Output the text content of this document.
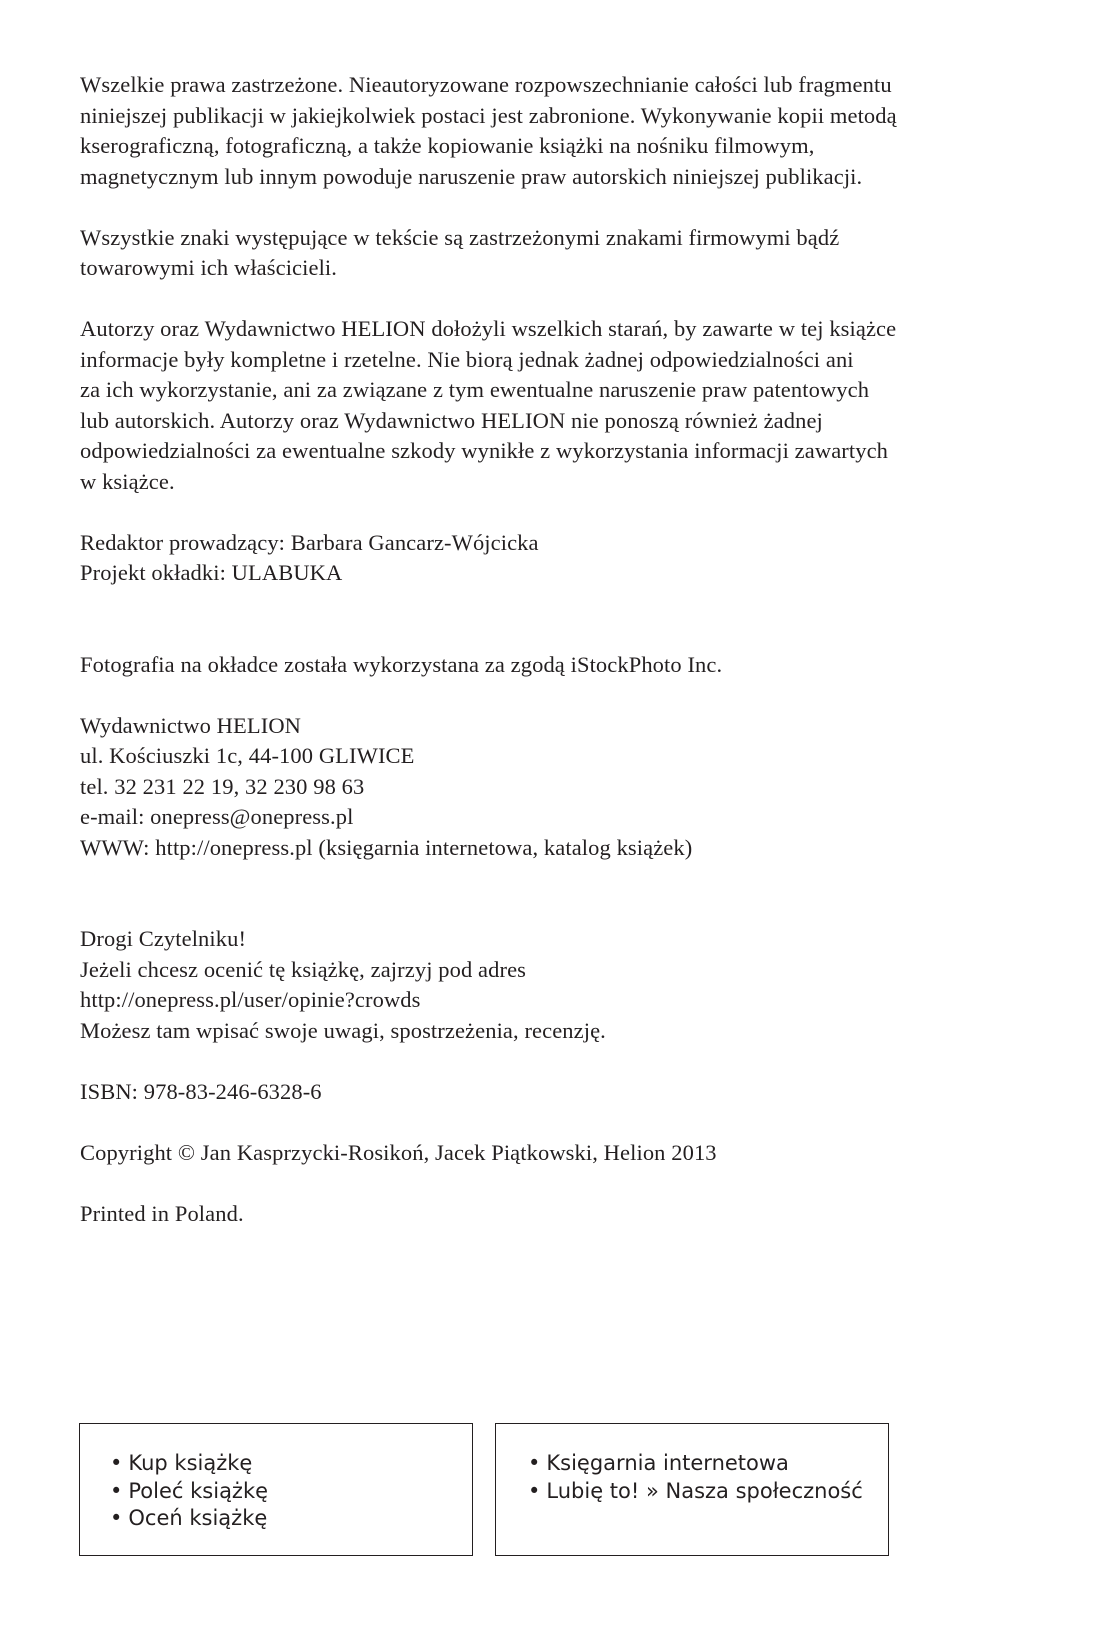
Wszelkie prawa zastrzeżone. Nieautoryzowane rozpowszechnianie całości lub fragmentu
niniejszej publikacji w jakiejkolwiek postaci jest zabronione. Wykonywanie kopii metodą
kserograficzną, fotograficzną, a także kopiowanie książki na nośniku filmowym,
magnetycznym lub innym powoduje naruszenie praw autorskich niniejszej publikacji.

Wszystkie znaki występujące w tekście są zastrzeżonymi znakami firmowymi bądź
towarowymi ich właścicieli.

Autorzy oraz Wydawnictwo HELION dołożyli wszelkich starań, by zawarte w tej książce
informacje były kompletne i rzetelne. Nie biorą jednak żadnej odpowiedzialności ani
za ich wykorzystanie, ani za związane z tym ewentualne naruszenie praw patentowych
lub autorskich. Autorzy oraz Wydawnictwo HELION nie ponoszą również żadnej
odpowiedzialności za ewentualne szkody wynikłe z wykorzystania informacji zawartych
w książce.

Redaktor prowadzący: Barbara Gancarz-Wójcicka
Projekt okładki: ULABUKA

Fotografia na okładce została wykorzystana za zgodą iStockPhoto Inc.

Wydawnictwo HELION
ul. Kościuszki 1c, 44-100 GLIWICE
tel. 32 231 22 19, 32 230 98 63
e-mail: onepress@onepress.pl
WWW: http://onepress.pl (księgarnia internetowa, katalog książek)

Drogi Czytelniku!
Jeżeli chcesz ocenić tę książkę, zajrzyj pod adres
http://onepress.pl/user/opinie?crowds
Możesz tam wpisać swoje uwagi, spostrzeżenia, recenzję.

ISBN: 978-83-246-6328-6

Copyright © Jan Kasprzycki-Rosikoń, Jacek Piątkowski, Helion 2013

Printed in Poland.

• Kup książkę
• Poleć książkę
• Oceń książkę
• Księgarnia internetowa
• Lubię to! » Nasza społeczność
